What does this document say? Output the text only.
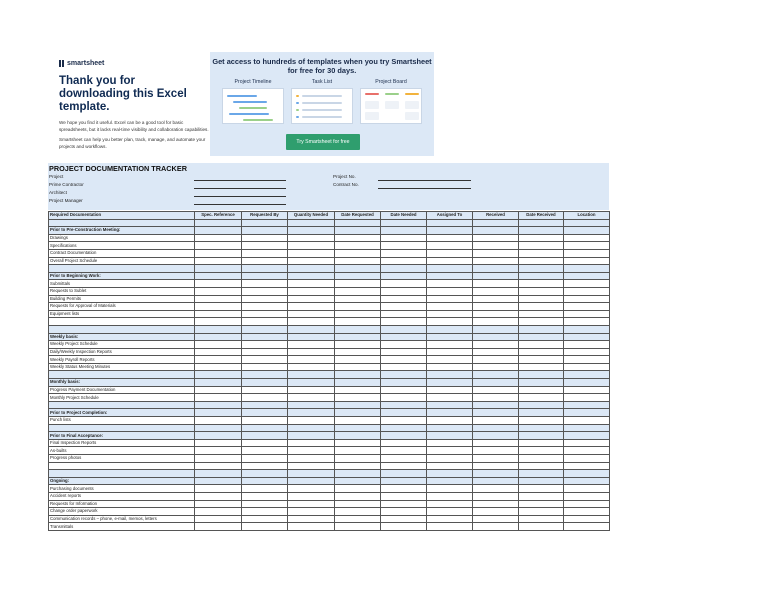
smartsheet
Thank you for downloading this Excel template.
We hope you find it useful. Excel can be a good tool for basic spreadsheets, but it lacks real-time visibility and collaboration capabilities.
Smartsheet can help you better plan, track, manage, and automate your projects and workflows.
Get access to hundreds of templates when you try Smartsheet for free for 30 days.
Project Timeline	Task List	Project Board
Try Smartsheet for free
PROJECT DOCUMENTATION TRACKER
Project
Prime Contractor
Architect
Project Manager
Project No.
Contract No.
Required Documentation	Spec. Reference	Requested By	Quantity Needed	Date Requested	Date Needed	Assigned To	Received	Date Received	Location

Prior to Pre-Construction Meeting:									
Drawings									
Specifications									
Contract Documentation									
Overall Project Schedule									

Prior to Beginning Work:									
Submittals									
Requests to Sublet									
Building Permits									
Requests for Approval of Materials									
Equipment lists									

Weekly basis:									
Weekly Project Schedule									
Daily/Weekly Inspection Reports									
Weekly Payroll Reports									
Weekly Status Meeting Minutes									

Monthly basis:									
Progress Payment Documentation									
Monthly Project Schedule									

Prior to Project Completion:									
Punch lists									

Prior to Final Acceptance:									
Final Inspection Reports									
As-builts									
Progress photos									

Ongoing:									
Purchasing documents									
Accident reports									
Requests for Information									
Change order paperwork									
Communication records – phone, e-mail, memos, letters									
Transmittals									
